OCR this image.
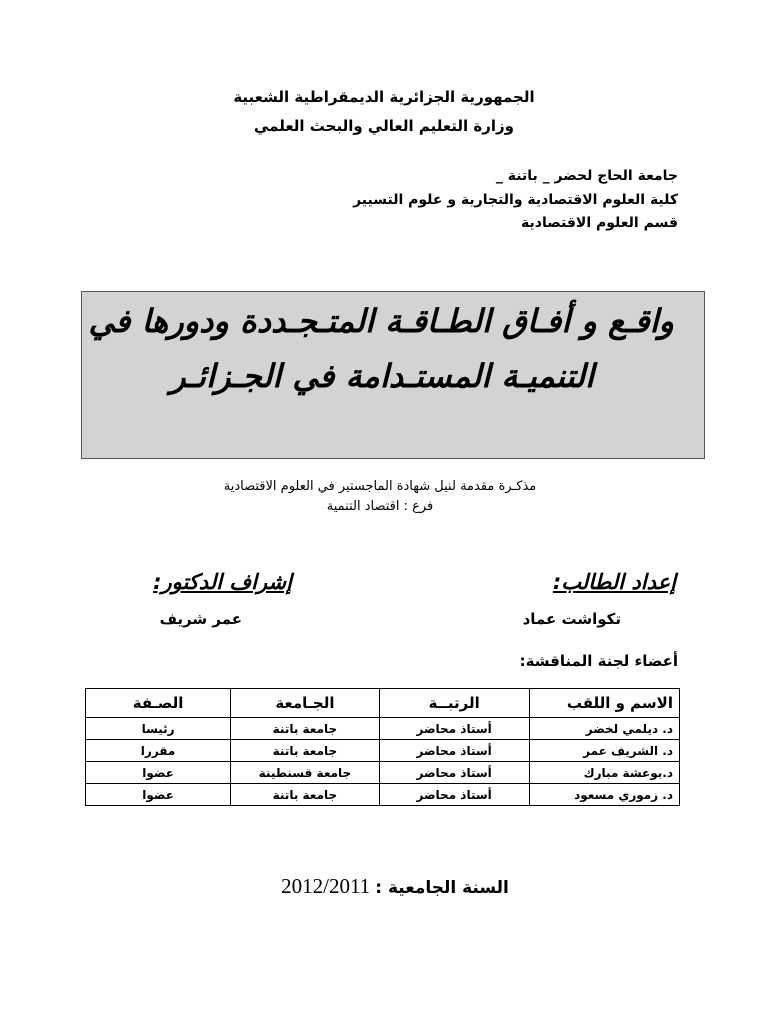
الجمهورية الجزائرية الديمقراطية الشعبية
وزارة التعليم العالي والبحث العلمي
جامعة الحاج لحضر _ باتنة _
كلية العلوم الاقتصادية والتجارية و علوم التسيير
قسم العلوم الاقتصادية
واقـع و أفـاق الطـاقـة المتـجـددة ودورها في
التنميـة المستـدامة في الجـزائـر
مذكـرة مقدمة لنيل شهادة الماجستير في العلوم الاقتصادية
فرع : اقتصاد التنمية
إعداد الطالب:
تكواشت عماد
إشراف الدكتور:
عمر شريف
أعضاء لجنة المناقشة:
الاسم و اللقب	الرتبــة	الجـامعة	الصـفة
د. ديلمي لخضر	أستاذ محاضر	جامعة باتنة	رئيسا
د. الشريف عمر	أستاذ محاضر	جامعة باتنة	مقررا
د.بوعشة مبارك	أستاذ محاضر	جامعة قسنطينة	عضوا
د. زموري مسعود	أستاذ محاضر	جامعة باتنة	عضوا
السنة الجامعية : 2012/2011
